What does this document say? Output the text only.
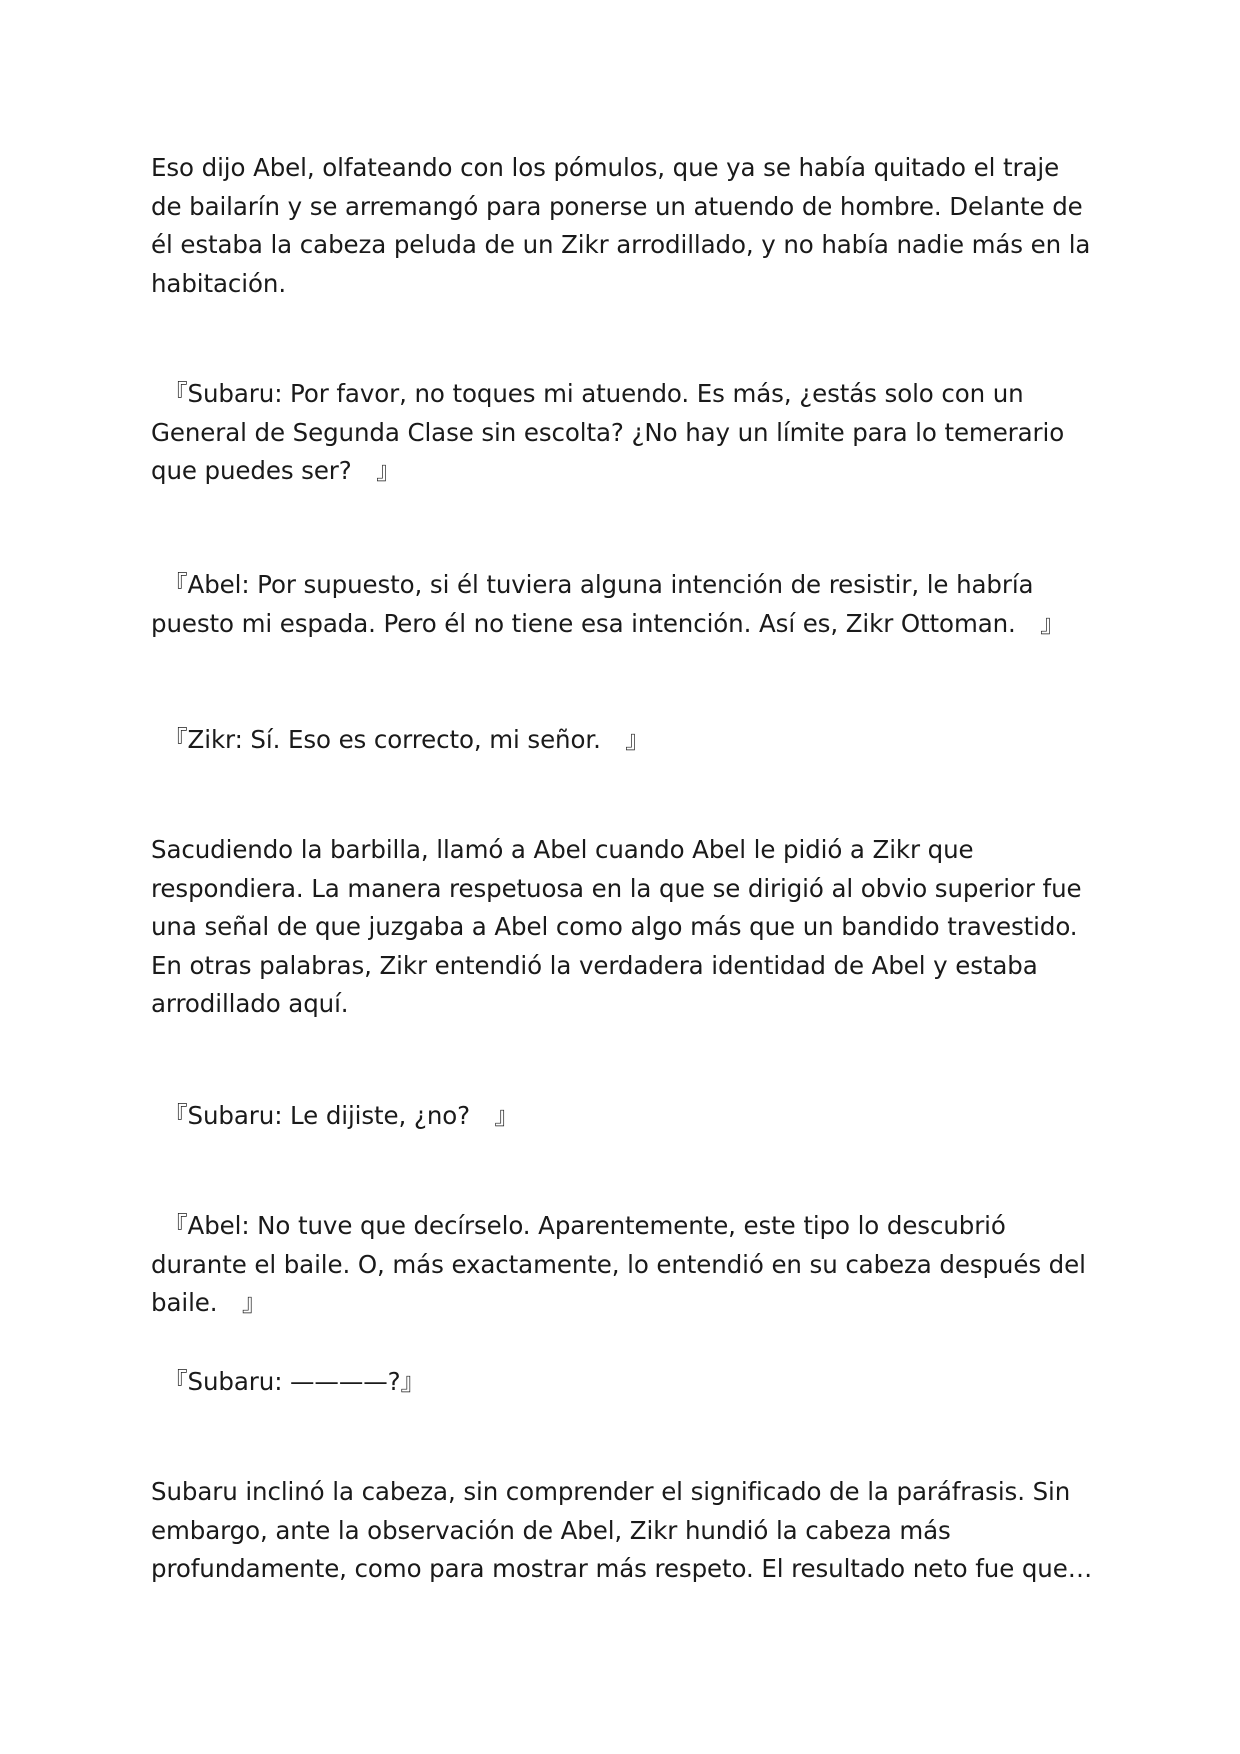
Eso dijo Abel, olfateando con los pómulos, que ya se había quitado el traje de bailarín y se arremangó para ponerse un atuendo de hombre. Delante de él estaba la cabeza peluda de un Zikr arrodillado, y no había nadie más en la habitación.

　『Subaru: Por favor, no toques mi atuendo. Es más, ¿estás solo con un General de Segunda Clase sin escolta? ¿No hay un límite para lo temerario que puedes ser?　』

　『Abel: Por supuesto, si él tuviera alguna intención de resistir, le habría puesto mi espada. Pero él no tiene esa intención. Así es, Zikr Ottoman.　』

　『Zikr: Sí. Eso es correcto, mi señor.　』

Sacudiendo la barbilla, llamó a Abel cuando Abel le pidió a Zikr que respondiera. La manera respetuosa en la que se dirigió al obvio superior fue una señal de que juzgaba a Abel como algo más que un bandido travestido. En otras palabras, Zikr entendió la verdadera identidad de Abel y estaba arrodillado aquí.

　『Subaru: Le dijiste, ¿no?　』

　『Abel: No tuve que decírselo. Aparentemente, este tipo lo descubrió durante el baile. O, más exactamente, lo entendió en su cabeza después del baile.　』

　『Subaru: ————?』

Subaru inclinó la cabeza, sin comprender el significado de la paráfrasis. Sin embargo, ante la observación de Abel, Zikr hundió la cabeza más profundamente, como para mostrar más respeto. El resultado neto fue que…
